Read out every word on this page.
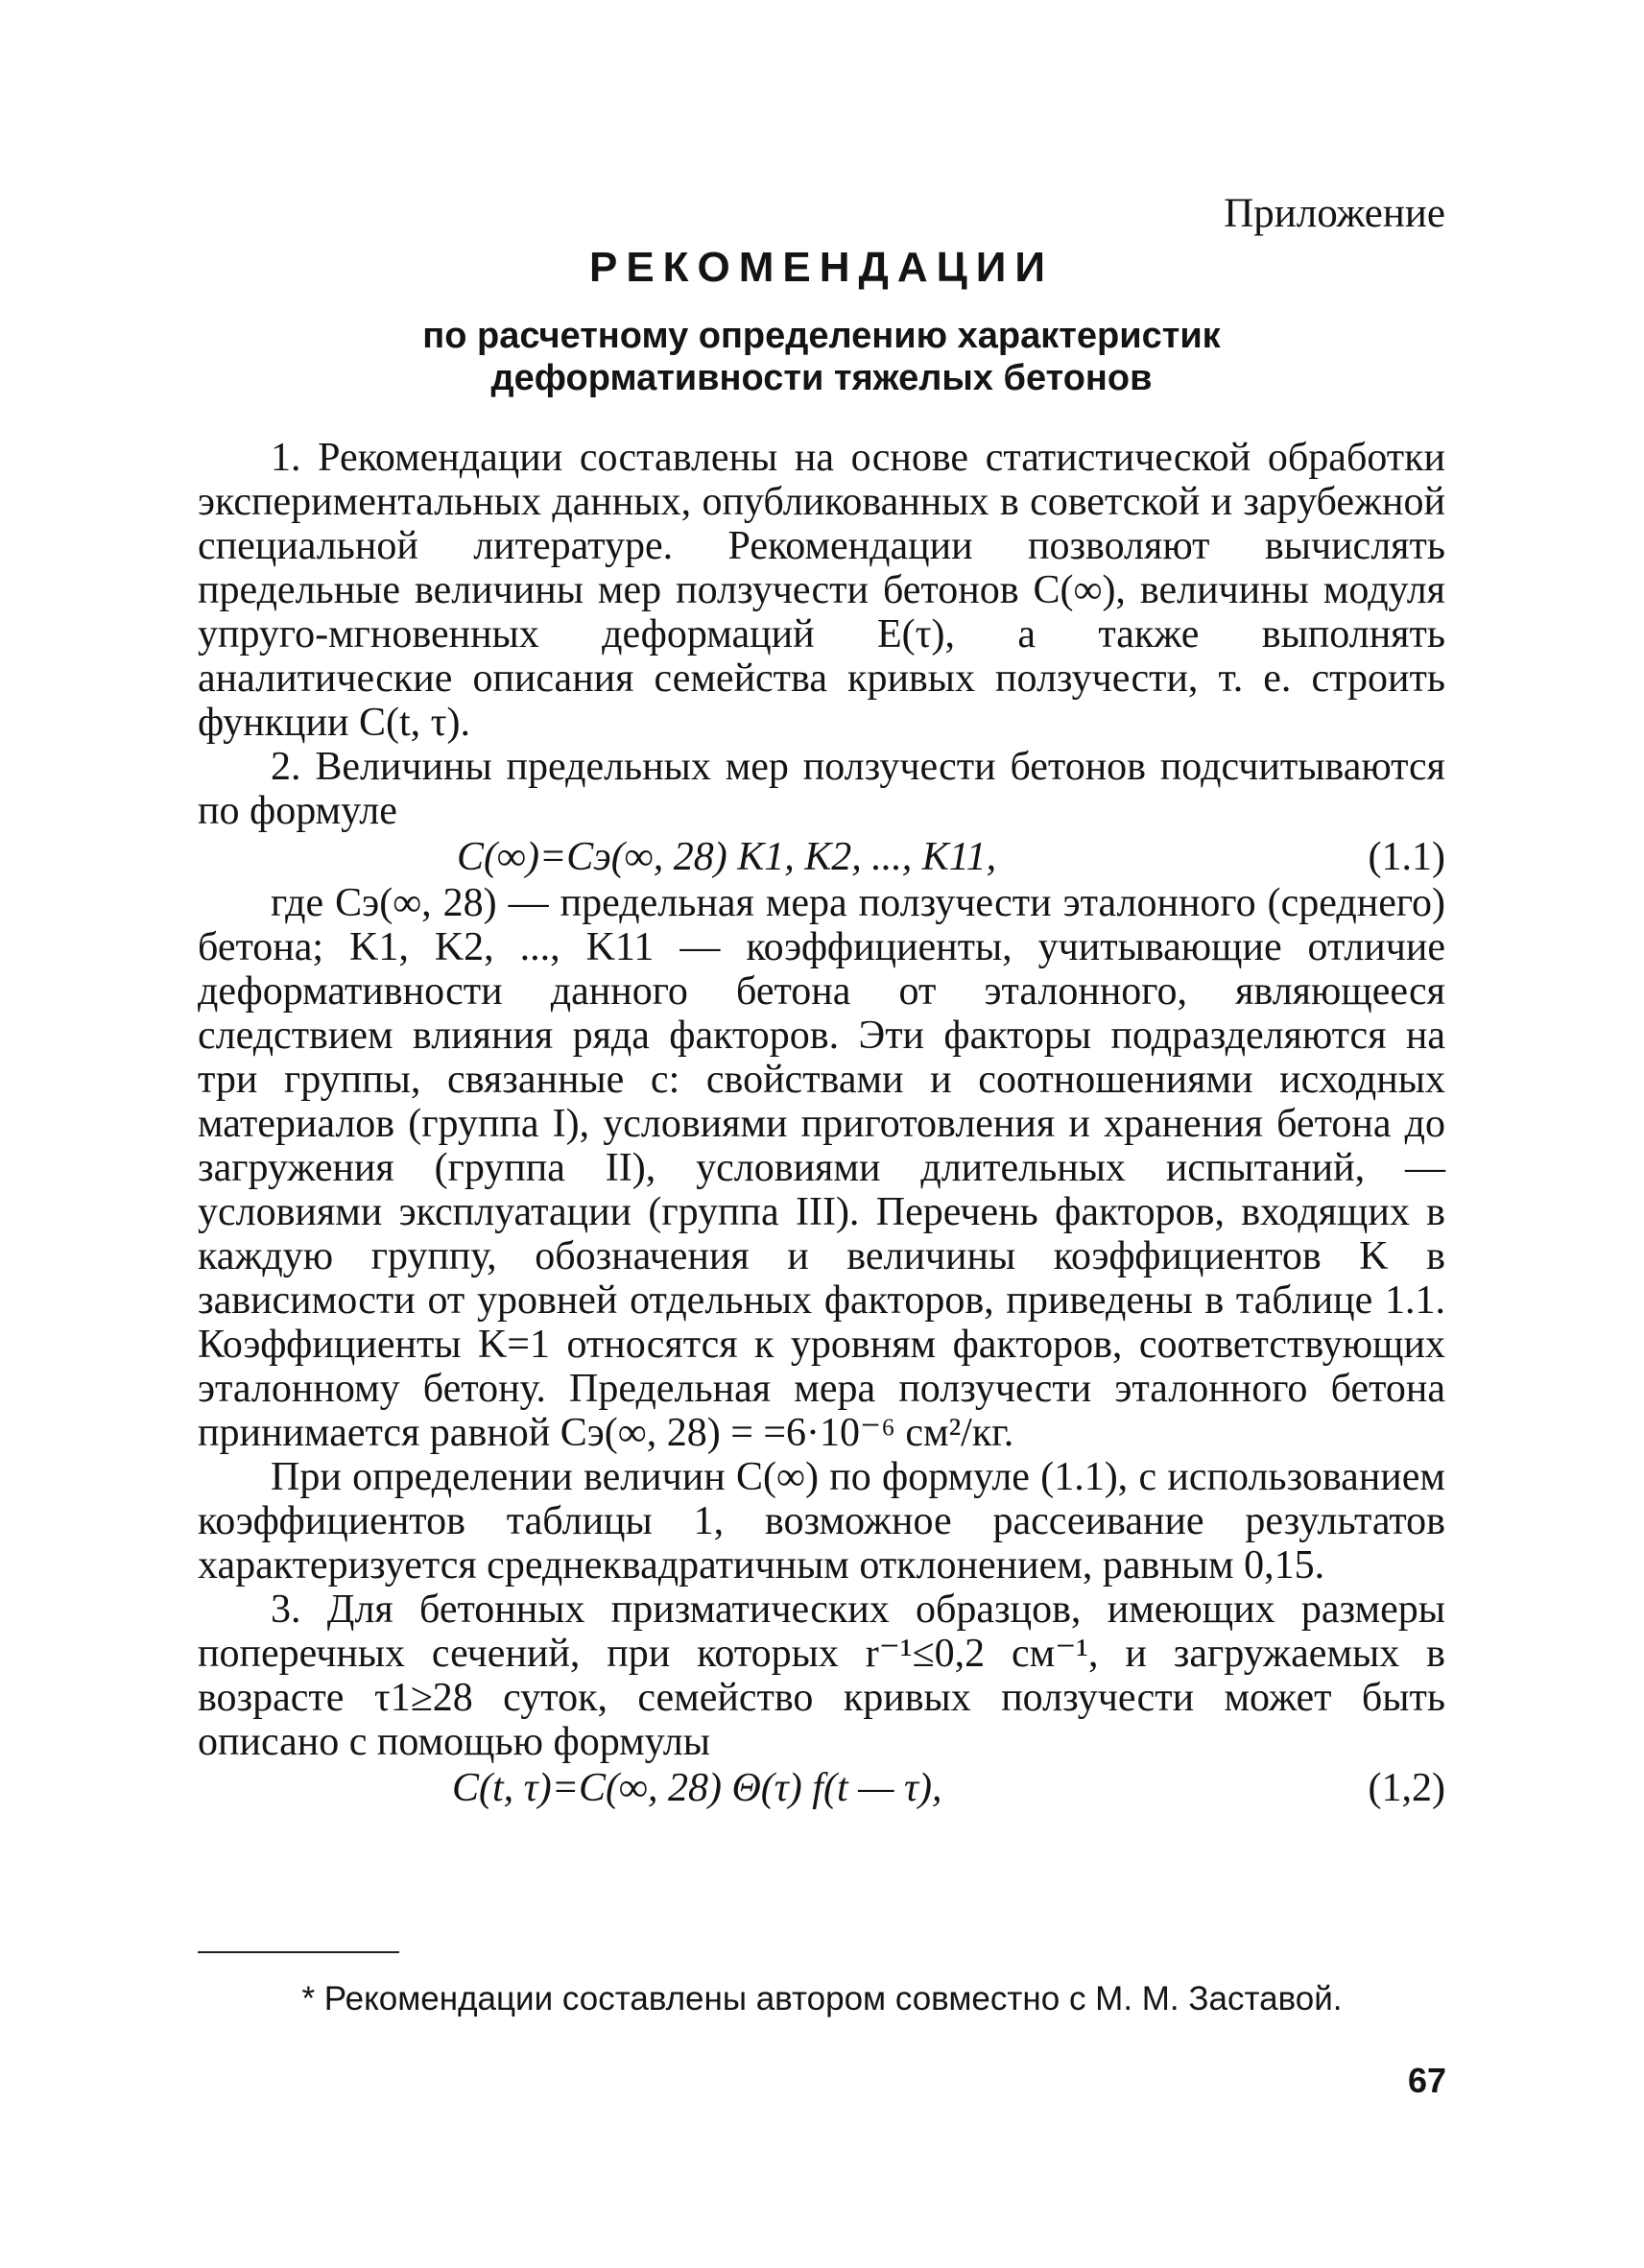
Приложение
РЕКОМЕНДАЦИИ
по расчетному определению характеристик
деформативности тяжелых бетонов

1. Рекомендации составлены на основе статистической обработки экспериментальных данных, опубликованных в советской и зарубежной специальной литературе. Рекомендации позволяют вычислять предельные величины мер ползучести бетонов C(∞), величины модуля упруго-мгновенных деформаций E(τ), а также выполнять аналитические описания семейства кривых ползучести, т. е. строить функции C(t, τ).

2. Величины предельных мер ползучести бетонов подсчитываются по формуле

C(∞)=Cэ(∞, 28) K1, K2, ..., K11,	(1.1)

где Cэ(∞, 28) — предельная мера ползучести эталонного (среднего) бетона; K1, K2, ..., K11 — коэффициенты, учитывающие отличие деформативности данного бетона от эталонного, являющееся следствием влияния ряда факторов. Эти факторы подразделяются на три группы, связанные с: свойствами и соотношениями исходных материалов (группа I), условиями приготовления и хранения бетона до загружения (группа II), условиями длительных испытаний, — условиями эксплуатации (группа III). Перечень факторов, входящих в каждую группу, обозначения и величины коэффициентов K в зависимости от уровней отдельных факторов, приведены в таблице 1.1. Коэффициенты K=1 относятся к уровням факторов, соответствующих эталонному бетону. Предельная мера ползучести эталонного бетона принимается равной Cэ(∞, 28) = =6·10⁻⁶ см²/кг.

При определении величин C(∞) по формуле (1.1), с использованием коэффициентов таблицы 1, возможное рассеивание результатов характеризуется среднеквадратичным отклонением, равным 0,15.

3. Для бетонных призматических образцов, имеющих размеры поперечных сечений, при которых r⁻¹≤0,2 см⁻¹, и загружаемых в возрасте τ1≥28 суток, семейство кривых ползучести может быть описано с помощью формулы

C(t, τ)=C(∞, 28) Θ(τ) f(t — τ),	(1,2)
* Рекомендации составлены автором совместно с М. М. Заставой.
67
